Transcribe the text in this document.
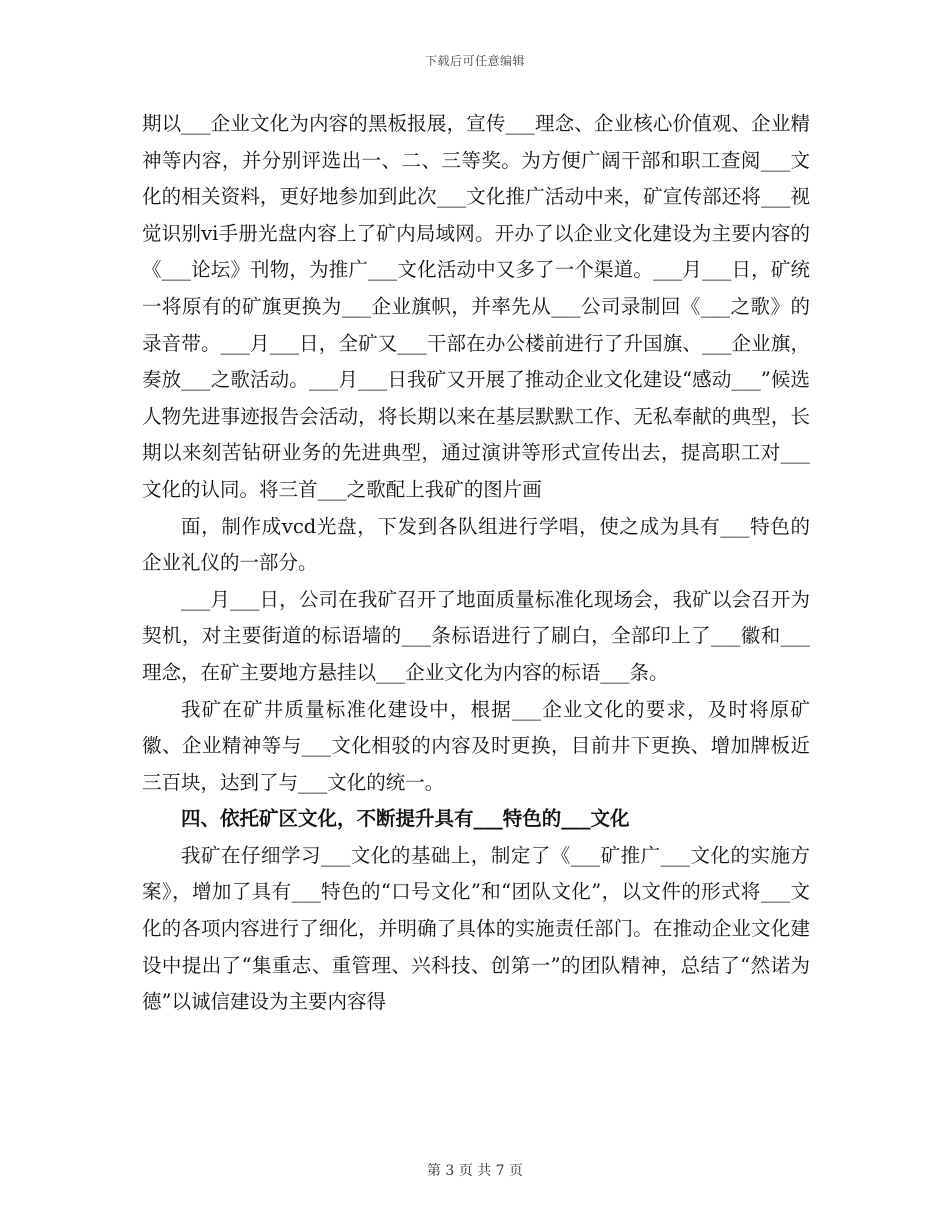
下载后可任意编辑

期以___企业文化为内容的黑板报展，宣传___理念、企业核心价值观、企业精神等内容，并分别评选出一、二、三等奖。为方便广阔干部和职工查阅___文化的相关资料，更好地参加到此次___文化推广活动中来，矿宣传部还将___视觉识别vi手册光盘内容上了矿内局域网。开办了以企业文化建设为主要内容的《___论坛》刊物，为推广___文化活动中又多了一个渠道。___月___日，矿统一将原有的矿旗更换为___企业旗帜，并率先从___公司录制回《___之歌》的录音带。___月___日，全矿又___干部在办公楼前进行了升国旗、___企业旗，奏放___之歌活动。___月___日我矿又开展了推动企业文化建设“感动___”候选人物先进事迹报告会活动，将长期以来在基层默默工作、无私奉献的典型，长期以来刻苦钻研业务的先进典型，通过演讲等形式宣传出去，提高职工对___文化的认同。将三首___之歌配上我矿的图片画

面，制作成vcd光盘，下发到各队组进行学唱，使之成为具有___特色的企业礼仪的一部分。

___月___日，公司在我矿召开了地面质量标准化现场会，我矿以会召开为契机，对主要街道的标语墙的___条标语进行了刷白，全部印上了___徽和___理念，在矿主要地方悬挂以___企业文化为内容的标语___条。

我矿在矿井质量标准化建设中，根据___企业文化的要求，及时将原矿徽、企业精神等与___文化相驳的内容及时更换，目前井下更换、增加牌板近三百块，达到了与___文化的统一。

四、依托矿区文化，不断提升具有___特色的___文化

我矿在仔细学习___文化的基础上，制定了《___矿推广___文化的实施方案》，增加了具有___特色的“口号文化”和“团队文化”，以文件的形式将___文化的各项内容进行了细化，并明确了具体的实施责任部门。在推动企业文化建设中提出了“集重志、重管理、兴科技、创第一”的团队精神，总结了“然诺为德”以诚信建设为主要内容得

第 3 页 共 7 页
